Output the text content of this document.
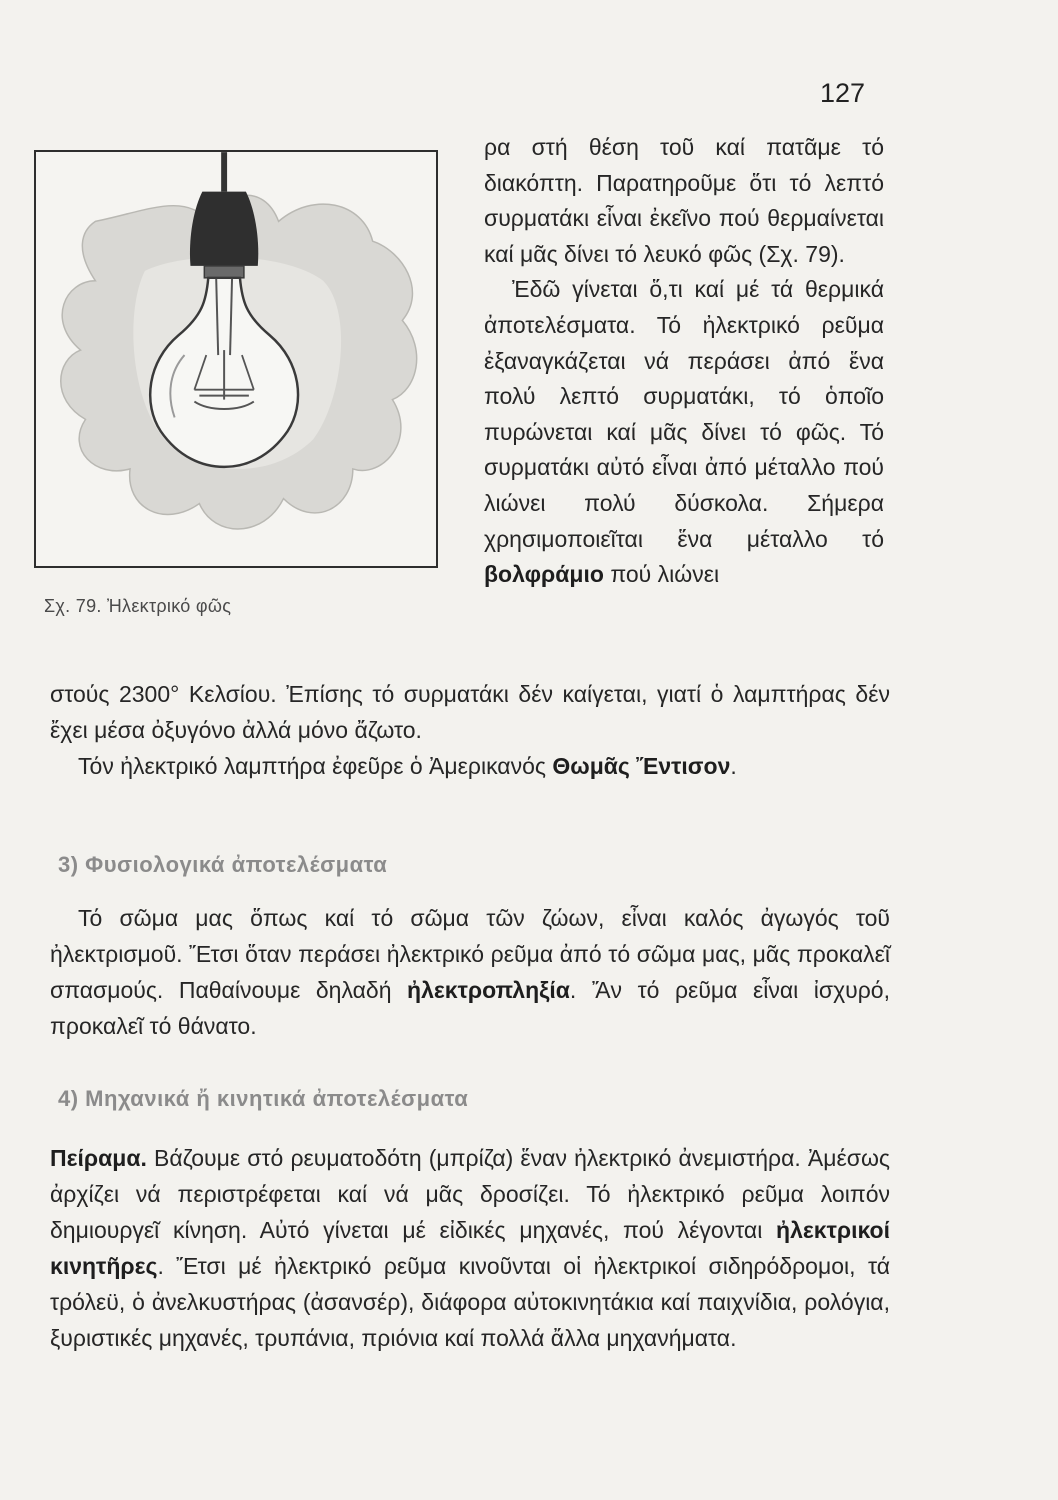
127
Σχ. 79. Ἠλεκτρικό φῶς

ρα στή θέση τοῦ καί πατᾶμε τό διακόπτη. Παρατηροῦμε ὅτι τό λεπτό συρματάκι εἶναι ἐκεῖνο πού θερμαίνεται καί μᾶς δίνει τό λευκό φῶς (Σχ. 79).

Ἐδῶ γίνεται ὅ,τι καί μέ τά θερμικά ἀποτελέσματα. Τό ἠλεκτρικό ρεῦμα ἐξαναγκάζεται νά περάσει ἀπό ἕνα πολύ λεπτό συρματάκι, τό ὁποῖο πυρώνεται καί μᾶς δίνει τό φῶς. Τό συρματάκι αὐτό εἶναι ἀπό μέταλλο πού λιώνει πολύ δύσκολα. Σήμερα χρησιμοποιεῖται ἕνα μέταλλο τό βολφράμιο πού λιώνει

στούς 2300° Κελσίου. Ἐπίσης τό συρματάκι δέν καίγεται, γιατί ὁ λαμπτήρας δέν ἔχει μέσα ὀξυγόνο ἀλλά μόνο ἄζωτο.

Τόν ἠλεκτρικό λαμπτήρα ἐφεῦρε ὁ Ἀμερικανός Θωμᾶς Ἔντισον.

3) Φυσιολογικά ἀποτελέσματα

Τό σῶμα μας ὅπως καί τό σῶμα τῶν ζώων, εἶναι καλός ἀγωγός τοῦ ἠλεκτρισμοῦ. Ἔτσι ὅταν περάσει ἠλεκτρικό ρεῦμα ἀπό τό σῶμα μας, μᾶς προκαλεῖ σπασμούς. Παθαίνουμε δηλαδή ἠλεκτροπληξία. Ἄν τό ρεῦμα εἶναι ἰσχυρό, προκαλεῖ τό θάνατο.

4) Μηχανικά ἤ κινητικά ἀποτελέσματα

Πείραμα. Βάζουμε στό ρευματοδότη (μπρίζα) ἕναν ἠλεκτρικό ἀνεμιστήρα. Ἀμέσως ἀρχίζει νά περιστρέφεται καί νά μᾶς δροσίζει. Τό ἠλεκτρικό ρεῦμα λοιπόν δημιουργεῖ κίνηση. Αὐτό γίνεται μέ εἰδικές μηχανές, πού λέγονται ἠλεκτρικοί κινητῆρες. Ἔτσι μέ ἠλεκτρικό ρεῦμα κινοῦνται οἱ ἠλεκτρικοί σιδηρόδρομοι, τά τρόλεϋ, ὁ ἀνελκυστήρας (ἀσανσέρ), διάφορα αὐτοκινητάκια καί παιχνίδια, ρολόγια, ξυριστικές μηχανές, τρυπάνια, πριόνια καί πολλά ἄλλα μηχανήματα.
